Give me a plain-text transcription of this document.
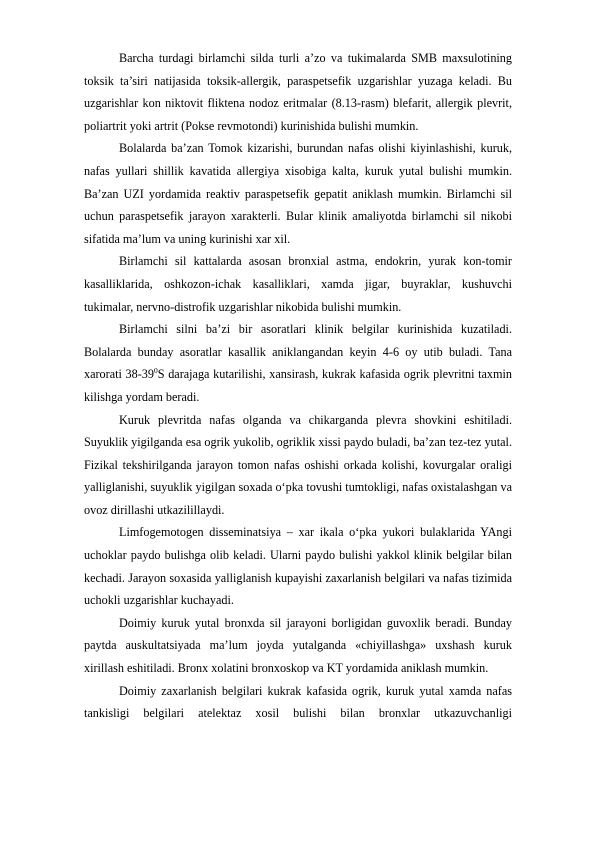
Barcha turdagi birlamchi silda turli a’zo va tukimalarda SMB maxsulotining toksik ta’siri natijasida toksik-allergik, paraspetsefik uzgarishlar yuzaga keladi. Bu uzgarishlar kon niktovit fliktena nodoz eritmalar (8.13-rasm) blefarit, allergik plevrit, poliartrit yoki artrit (Pokse revmotondi) kurinishida bulishi mumkin.

Bolalarda ba’zan Tomok kizarishi, burundan nafas olishi kiyinlashishi, kuruk, nafas yullari shillik kavatida allergiya xisobiga kalta, kuruk yutal bulishi mumkin. Ba’zan UZI yordamida reaktiv paraspetsefik gepatit aniklash mumkin. Birlamchi sil uchun paraspetsefik jarayon xarakterli. Bular klinik amaliyotda birlamchi sil nikobi sifatida ma’lum va uning kurinishi xar xil.

Birlamchi sil kattalarda asosan bronxial astma, endokrin, yurak kon-tomir kasalliklarida, oshkozon-ichak kasalliklari, xamda jigar, buyraklar, kushuvchi tukimalar, nervno-distrofik uzgarishlar nikobida bulishi mumkin.

Birlamchi silni ba’zi bir asoratlari klinik belgilar kurinishida kuzatiladi. Bolalarda bunday asoratlar kasallik aniklangandan keyin 4-6 oy utib buladi. Tana xarorati $38-39^0S$ darajaga kutarilishi, xansirash, kukrak kafasida ogrik plevritni taxmin kilishga yordam beradi.

Kuruk plevritda nafas olganda va chikarganda plevra shovkini eshitiladi. Suyuklik yigilganda esa ogrik yukolib, ogriklik xissi paydo buladi, ba’zan tez-tez yutal. Fizikal tekshirilganda jarayon tomon nafas oshishi orkada kolishi, kovurgalar oraligi yalliglanishi, suyuklik yigilgan soxada o‘pka tovushi tumtokligi, nafas oxistalashgan va ovoz dirillashi utkazilillaydi.

Limfogemotogen disseminatsiya – xar ikala o‘pka yukori bulaklarida YAngi uchoklar paydo bulishga olib keladi. Ularni paydo bulishi yakkol klinik belgilar bilan kechadi. Jarayon soxasida yalliglanish kupayishi zaxarlanish belgilari va nafas tizimida uchokli uzgarishlar kuchayadi.

Doimiy kuruk yutal bronxda sil jarayoni borligidan guvoxlik beradi. Bunday paytda auskultatsiyada ma’lum joyda yutalganda «chiyillashga» uxshash kuruk xirillash eshitiladi. Bronx xolatini bronxoskop va KT yordamida aniklash mumkin.

Doimiy zaxarlanish belgilari kukrak kafasida ogrik, kuruk yutal xamda nafas tankisligi belgilari atelektaz xosil bulishi bilan bronxlar utkazuvchanligi
